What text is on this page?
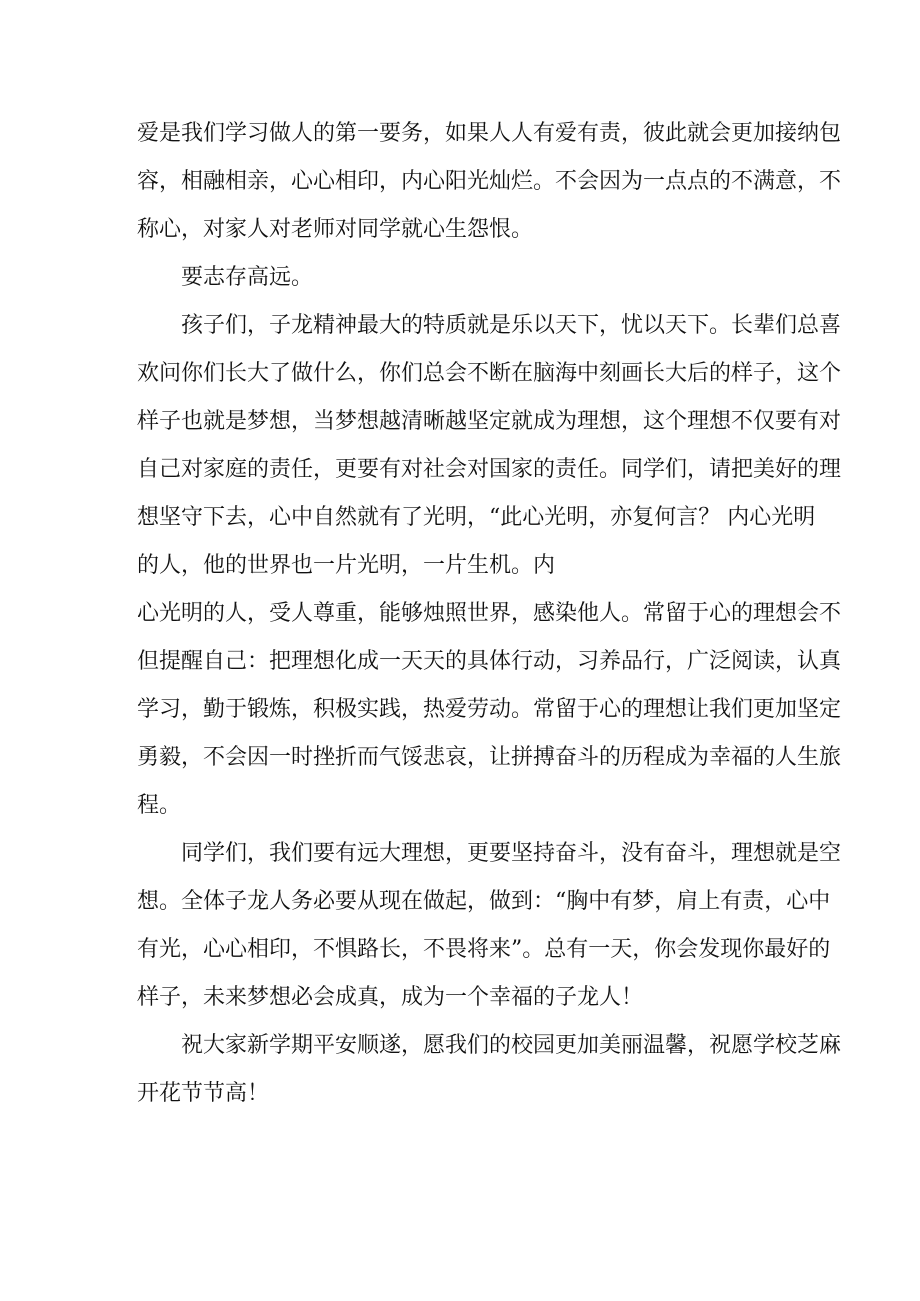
爱是我们学习做人的第一要务，如果人人有爱有责，彼此就会更加接纳包
容，相融相亲，心心相印，内心阳光灿烂。不会因为一点点的不满意，不
称心，对家人对老师对同学就心生怨恨。

要志存高远。

孩子们，子龙精神最大的特质就是乐以天下，忧以天下。长辈们总喜
欢问你们长大了做什么，你们总会不断在脑海中刻画长大后的样子，这个
样子也就是梦想，当梦想越清晰越坚定就成为理想，这个理想不仅要有对
自己对家庭的责任，更要有对社会对国家的责任。同学们，请把美好的理
想坚守下去，心中自然就有了光明，“此心光明，亦复何言？ 内心光明
的人，他的世界也一片光明，一片生机。内

心光明的人，受人尊重，能够烛照世界，感染他人。常留于心的理想会不
但提醒自己：把理想化成一天天的具体行动，习养品行，广泛阅读，认真
学习，勤于锻炼，积极实践，热爱劳动。常留于心的理想让我们更加坚定
勇毅，不会因一时挫折而气馁悲哀，让拼搏奋斗的历程成为幸福的人生旅
程。

同学们，我们要有远大理想，更要坚持奋斗，没有奋斗，理想就是空
想。全体子龙人务必要从现在做起，做到：“胸中有梦，肩上有责，心中
有光，心心相印，不惧路长，不畏将来”。总有一天，你会发现你最好的
样子，未来梦想必会成真，成为一个幸福的子龙人！

祝大家新学期平安顺遂，愿我们的校园更加美丽温馨，祝愿学校芝麻
开花节节高！
